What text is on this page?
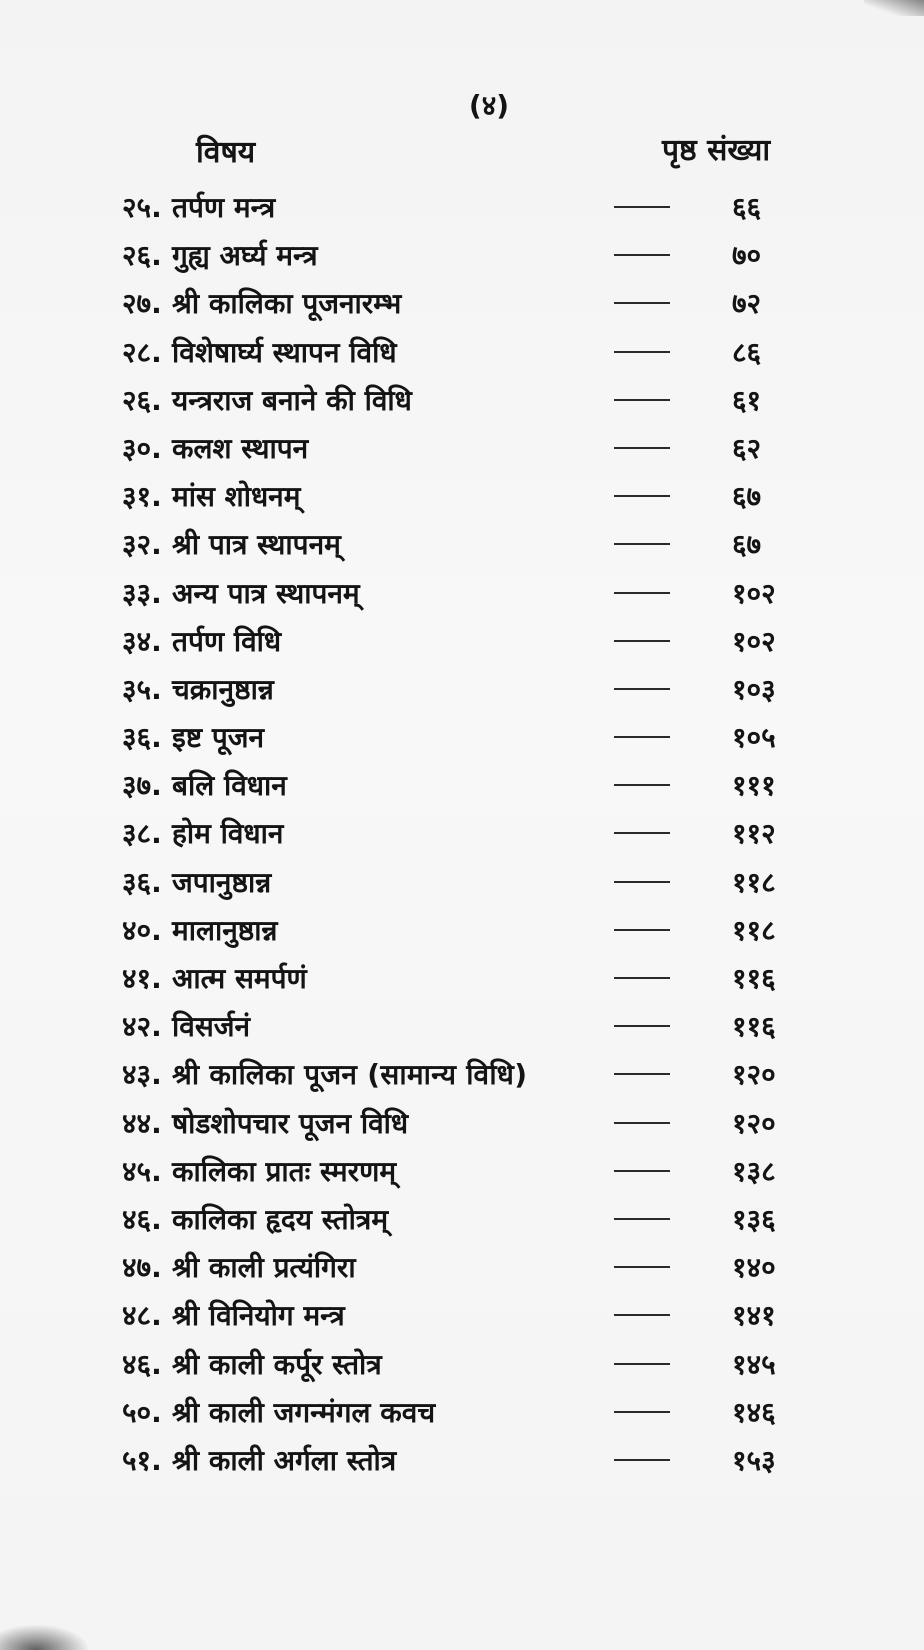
(४)
विषय	पृष्ठ संख्या
२५. तर्पण मन्त्र	६६
२६. गुह्य अर्घ्य मन्त्र	७०
२७. श्री कालिका पूजनारम्भ	७२
२८. विशेषार्घ्य स्थापन विधि	८६
२६. यन्त्रराज बनाने की विधि	६१
३०. कलश स्थापन	६२
३१. मांस शोधनम्	६७
३२. श्री पात्र स्थापनम्	६७
३३. अन्य पात्र स्थापनम्	१०२
३४. तर्पण विधि	१०२
३५. चक्रानुष्ठान्न	१०३
३६. इष्ट पूजन	१०५
३७. बलि विधान	१११
३८. होम विधान	११२
३६. जपानुष्ठान्न	११८
४०. मालानुष्ठान्न	११८
४१. आत्म समर्पणं	११६
४२. विसर्जनं	११६
४३. श्री कालिका पूजन (सामान्य विधि)	१२०
४४. षोडशोपचार पूजन विधि	१२०
४५. कालिका प्रातः स्मरणम्	१३८
४६. कालिका हृदय स्तोत्रम्	१३६
४७. श्री काली प्रत्यंगिरा	१४०
४८. श्री विनियोग मन्त्र	१४१
४६. श्री काली कर्पूर स्तोत्र	१४५
५०. श्री काली जगन्मंगल कवच	१४६
५१. श्री काली अर्गला स्तोत्र	१५३
